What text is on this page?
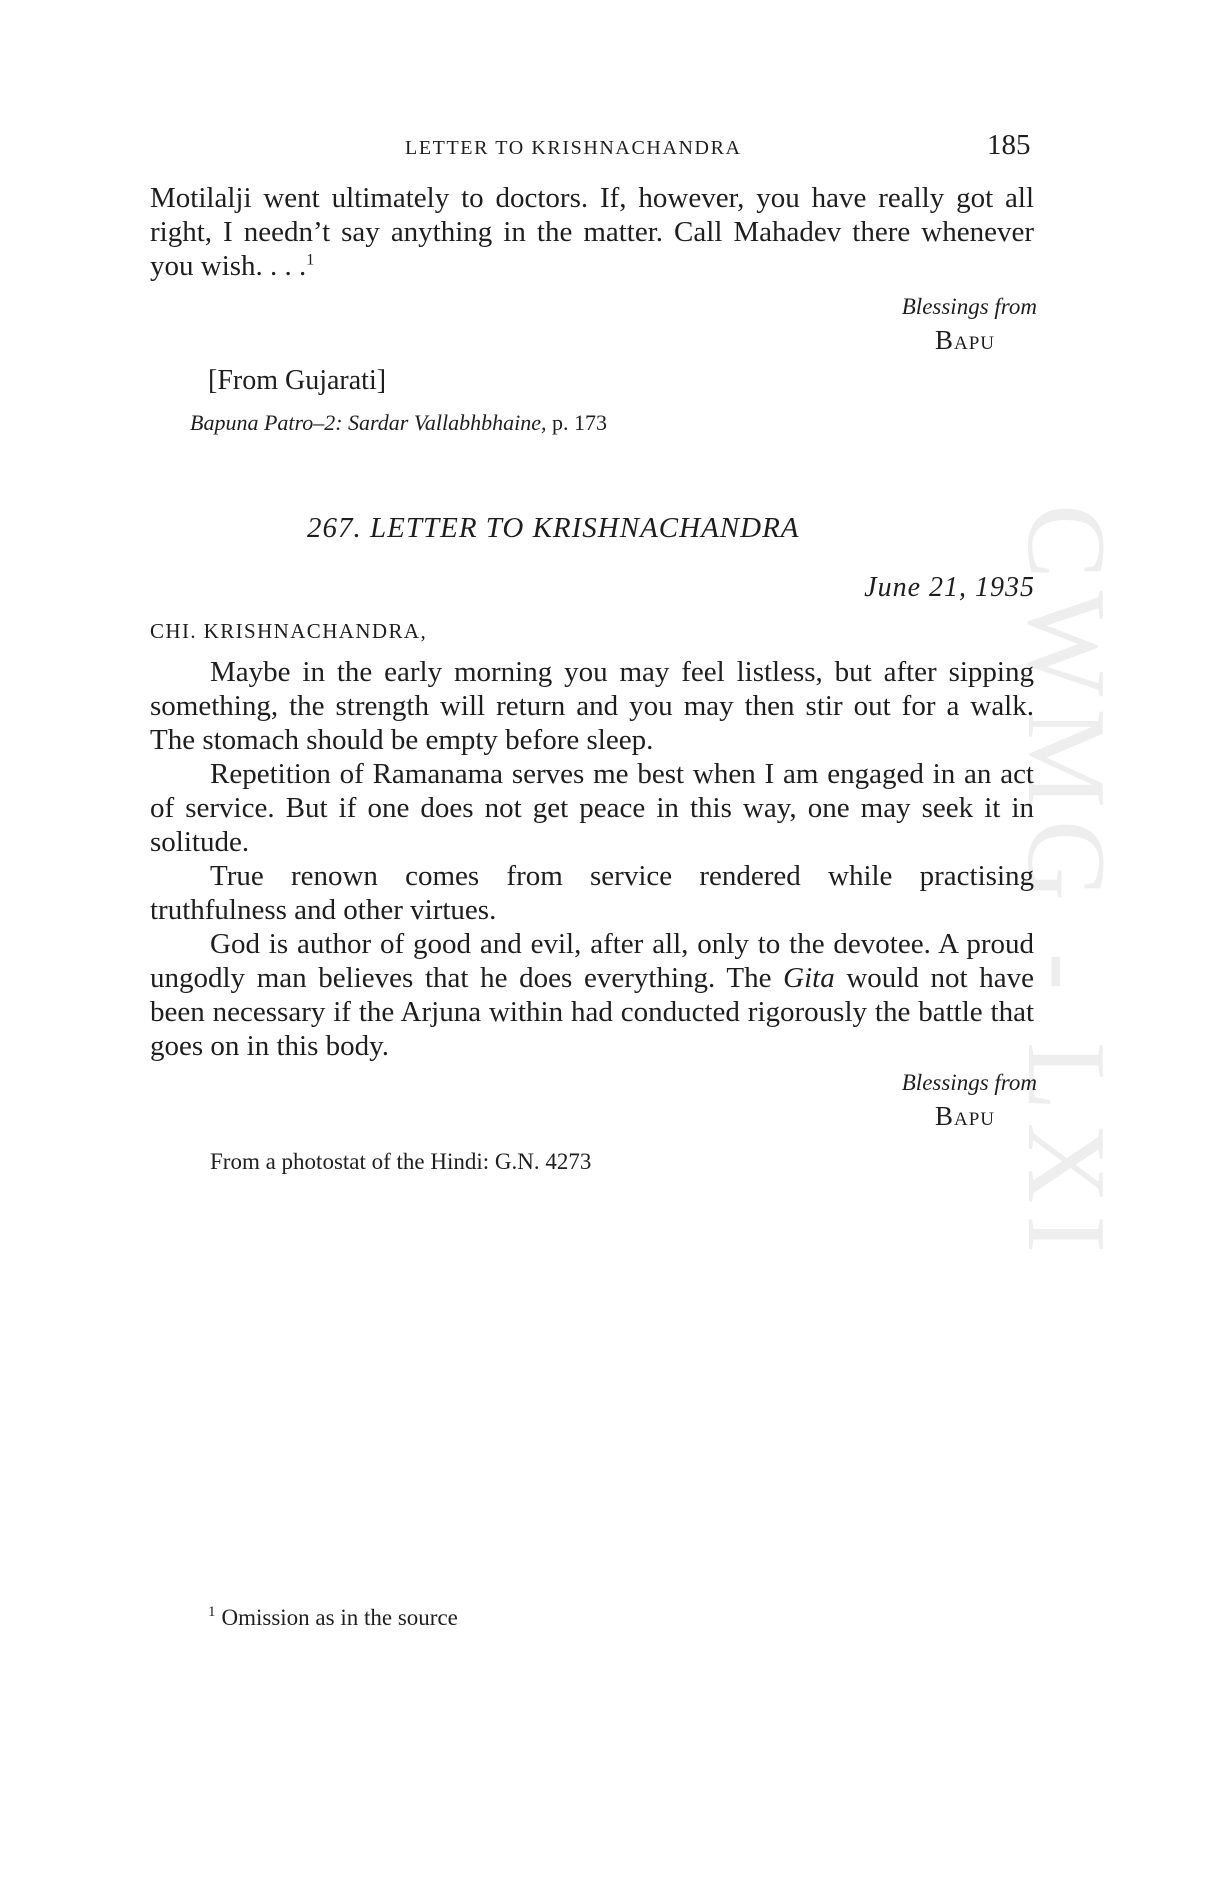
CWMG - LXI
LETTER TO KRISHNACHANDRA	185

Motilalji went ultimately to doctors. If, however, you have really got all right, I needn’t say anything in the matter. Call Mahadev there whenever you wish. . . .$^1$

Blessings from
Bapu
[From Gujarati]
Bapuna Patro–2: Sardar Vallabhbhaine, p. 173
267. LETTER TO KRISHNACHANDRA
June 21, 1935
CHI. KRISHNACHANDRA,

Maybe in the early morning you may feel listless, but after sipping something, the strength will return and you may then stir out for a walk. The stomach should be empty before sleep.

Repetition of Ramanama serves me best when I am engaged in an act of service. But if one does not get peace in this way, one may seek it in solitude.

True renown comes from service rendered while practising truthfulness and other virtues.

God is author of good and evil, after all, only to the devotee. A proud ungodly man believes that he does everything. The Gita would not have been necessary if the Arjuna within had conducted rigorously the battle that goes on in this body.

Blessings from
Bapu
From a photostat of the Hindi: G.N. 4273
$^1$ Omission as in the source
